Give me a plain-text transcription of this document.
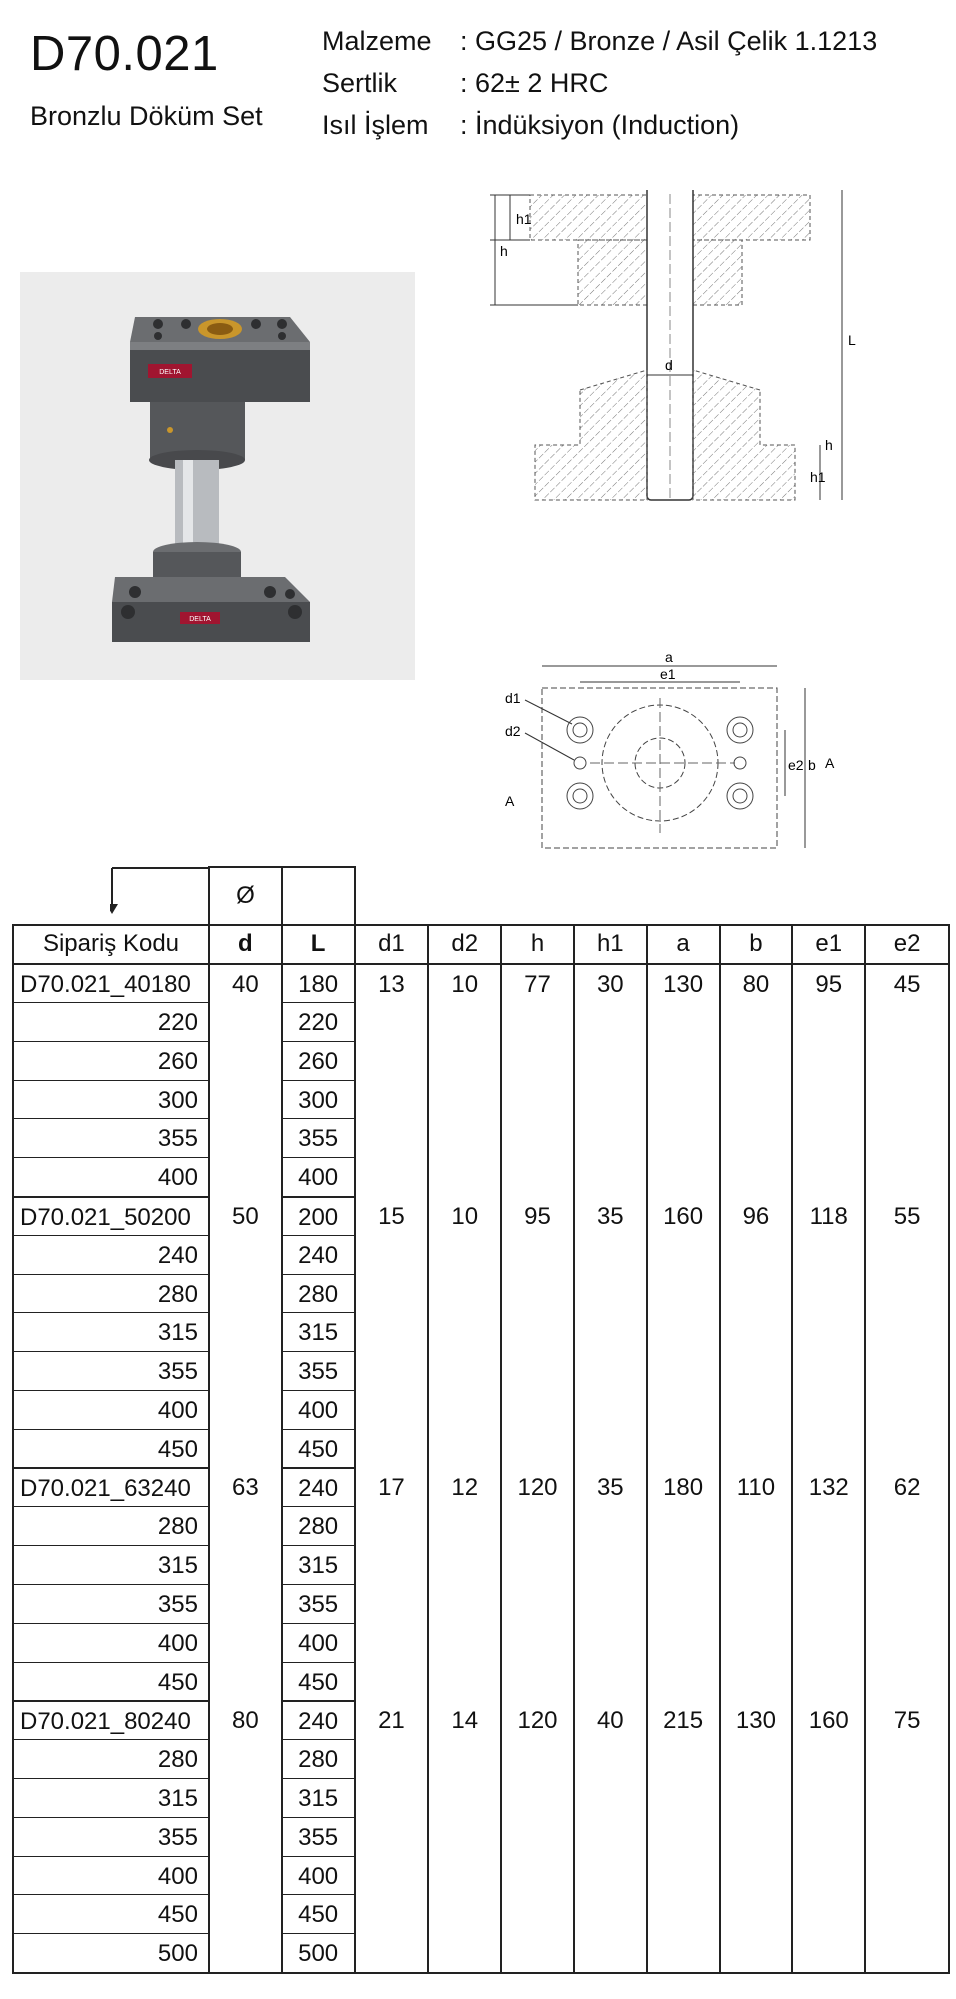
D70.021
Bronzlu Döküm Set
Malzeme	: GG25 / Bronze / Asil Çelik 1.1213
Sertlik	: 62± 2 HRC
Isıl İşlem	: İndüksiyon (Induction)
DELTA
DELTA
h1
h
L
d
h
h1
a
e1
d1
d2
e2 b A
A
Ø
Sipariş Kodu	d	L	d1	d2	h	h1	a	b	e1	e2
D70.021_40180	40	180	13	10	77	30	130	80	95	45
220		220								
260		260								
300		300								
355		355								
400		400								
D70.021_50200	50	200	15	10	95	35	160	96	118	55
240		240								
280		280								
315		315								
355		355								
400		400								
450		450								
D70.021_63240	63	240	17	12	120	35	180	110	132	62
280		280								
315		315								
355		355								
400		400								
450		450								
D70.021_80240	80	240	21	14	120	40	215	130	160	75
280		280								
315		315								
355		355								
400		400								
450		450								
500		500								
